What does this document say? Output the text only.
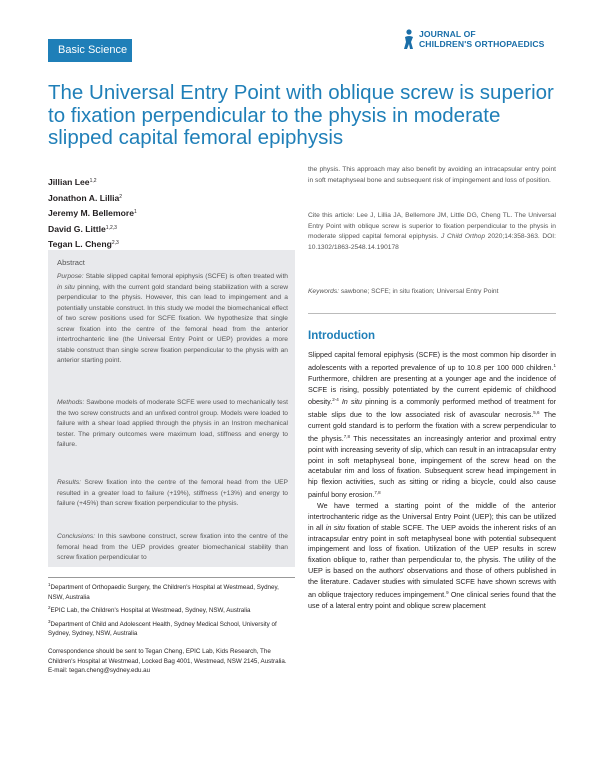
Basic Science
JOURNAL OF
CHILDREN'S ORTHOPAEDICS
The Universal Entry Point with oblique screw is superior to fixation perpendicular to the physis in moderate slipped capital femoral epiphysis
Jillian Lee$^{1,2}$
Jonathon A. Lillia$^2$
Jeremy M. Bellemore$^1$
David G. Little$^{1,2,3}$
Tegan L. Cheng$^{2,3}$
Abstract
Purpose: Stable slipped capital femoral epiphysis (SCFE) is often treated with in situ pinning, with the current gold standard being stabilization with a screw perpendicular to the physis. However, this can lead to impingement and a potentially unstable construct. In this study we model the biomechanical effect of two screw positions used for SCFE fixation. We hypothesize that single screw fixation into the centre of the femoral head from the anterior intertrochanteric line (the Universal Entry Point or UEP) provides a more stable construct than single screw fixation perpendicular to the physis with an anterior starting point.
Methods: Sawbone models of moderate SCFE were used to mechanically test the two screw constructs and an unfixed control group. Models were loaded to failure with a shear load applied through the physis in an Instron mechanical tester. The primary outcomes were maximum load, stiffness and energy to failure.
Results: Screw fixation into the centre of the femoral head from the UEP resulted in a greater load to failure (+19%), stiffness (+13%) and energy to failure (+45%) than screw fixation perpendicular to the physis.
Conclusions: In this sawbone construct, screw fixation into the centre of the femoral head from the UEP provides greater biomechanical stability than screw fixation perpendicular to
$^1$Department of Orthopaedic Surgery, the Children's Hospital at Westmead, Sydney, NSW, Australia
$^2$EPIC Lab, the Children's Hospital at Westmead, Sydney, NSW, Australia
$^3$Department of Child and Adolescent Health, Sydney Medical School, University of Sydney, Sydney, NSW, Australia
Correspondence should be sent to Tegan Cheng, EPIC Lab, Kids Research, The Children's Hospital at Westmead, Locked Bag 4001, Westmead, NSW 2145, Australia.
E-mail: tegan.cheng@sydney.edu.au
the physis. This approach may also benefit by avoiding an intracapsular entry point in soft metaphyseal bone and subsequent risk of impingement and loss of position.
Cite this article: Lee J, Lillia JA, Bellemore JM, Little DG, Cheng TL. The Universal Entry Point with oblique screw is superior to fixation perpendicular to the physis in moderate slipped capital femoral epiphysis. J Child Orthop 2020;14:358-363. DOI: 10.1302/1863-2548.14.190178
Keywords: sawbone; SCFE; in situ fixation; Universal Entry Point
Introduction

Slipped capital femoral epiphysis (SCFE) is the most common hip disorder in adolescents with a reported prevalence of up to 10.8 per 100 000 children.$^1$ Furthermore, children are presenting at a younger age and the incidence of SCFE is rising, possibly potentiated by the current epidemic of childhood obesity.$^{2-4}$ In situ pinning is a commonly performed method of treatment for stable slips due to the low associated risk of avascular necrosis.$^{5,6}$ The current gold standard is to perform the fixation with a screw perpendicular to the physis.$^{7,8}$ This necessitates an increasingly anterior and proximal entry point with increasing severity of slip, which can result in an intracapsular entry point in soft metaphyseal bone, impingement of the screw head on the acetabular rim and loss of fixation. Subsequent screw head impingement in hip flexion activities, such as sitting or riding a bicycle, could also cause painful bony erosion.$^{7,8}$

We have termed a starting point of the middle of the anterior intertrochanteric ridge as the Universal Entry Point (UEP); this can be utilized in all in situ fixation of stable SCFE. The UEP avoids the inherent risks of an intracapsular entry point in soft metaphyseal bone with potential subsequent impingement and loss of fixation. Utilization of the UEP results in screw fixation oblique to, rather than perpendicular to, the physis. The utility of the UEP is based on the authors' observations and those of others published in the literature. Cadaver studies with simulated SCFE have shown screws with an oblique trajectory reduces impingement.$^9$ One clinical series found that the use of a lateral entry point and oblique screw placement
